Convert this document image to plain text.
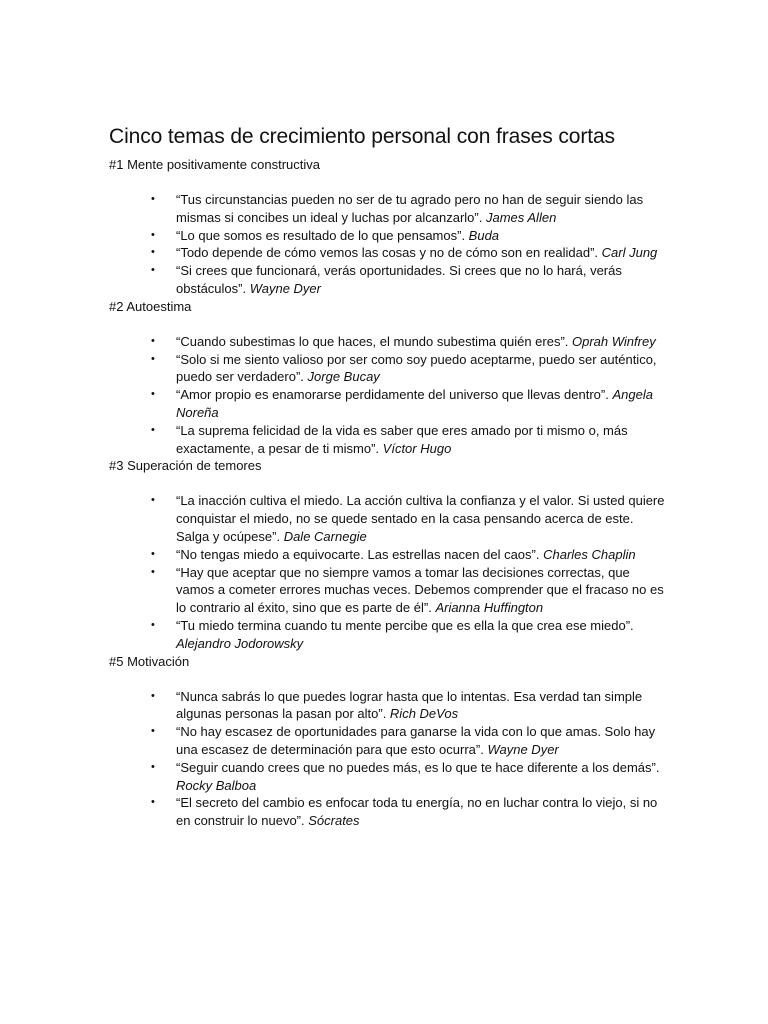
Cinco temas de crecimiento personal con frases cortas

#1 Mente positivamente constructiva

• “Tus circunstancias pueden no ser de tu agrado pero no han de seguir siendo las mismas si concibes un ideal y luchas por alcanzarlo”. James Allen
• “Lo que somos es resultado de lo que pensamos”. Buda
• “Todo depende de cómo vemos las cosas y no de cómo son en realidad”. Carl Jung
• “Si crees que funcionará, verás oportunidades. Si crees que no lo hará, verás obstáculos”. Wayne Dyer

#2 Autoestima

• “Cuando subestimas lo que haces, el mundo subestima quién eres”. Oprah Winfrey
• “Solo si me siento valioso por ser como soy puedo aceptarme, puedo ser auténtico, puedo ser verdadero”. Jorge Bucay
• “Amor propio es enamorarse perdidamente del universo que llevas dentro”. Angela Noreña
• “La suprema felicidad de la vida es saber que eres amado por ti mismo o, más exactamente, a pesar de ti mismo”. Víctor Hugo

#3 Superación de temores

• “La inacción cultiva el miedo. La acción cultiva la confianza y el valor. Si usted quiere conquistar el miedo, no se quede sentado en la casa pensando acerca de este. Salga y ocúpese”. Dale Carnegie
• “No tengas miedo a equivocarte. Las estrellas nacen del caos”. Charles Chaplin
• “Hay que aceptar que no siempre vamos a tomar las decisiones correctas, que vamos a cometer errores muchas veces. Debemos comprender que el fracaso no es lo contrario al éxito, sino que es parte de él”. Arianna Huffington
• “Tu miedo termina cuando tu mente percibe que es ella la que crea ese miedo”. Alejandro Jodorowsky

#5 Motivación

• “Nunca sabrás lo que puedes lograr hasta que lo intentas. Esa verdad tan simple algunas personas la pasan por alto”. Rich DeVos
• “No hay escasez de oportunidades para ganarse la vida con lo que amas. Solo hay una escasez de determinación para que esto ocurra”. Wayne Dyer
• “Seguir cuando crees que no puedes más, es lo que te hace diferente a los demás”. Rocky Balboa
• “El secreto del cambio es enfocar toda tu energía, no en luchar contra lo viejo, si no en construir lo nuevo”. Sócrates
